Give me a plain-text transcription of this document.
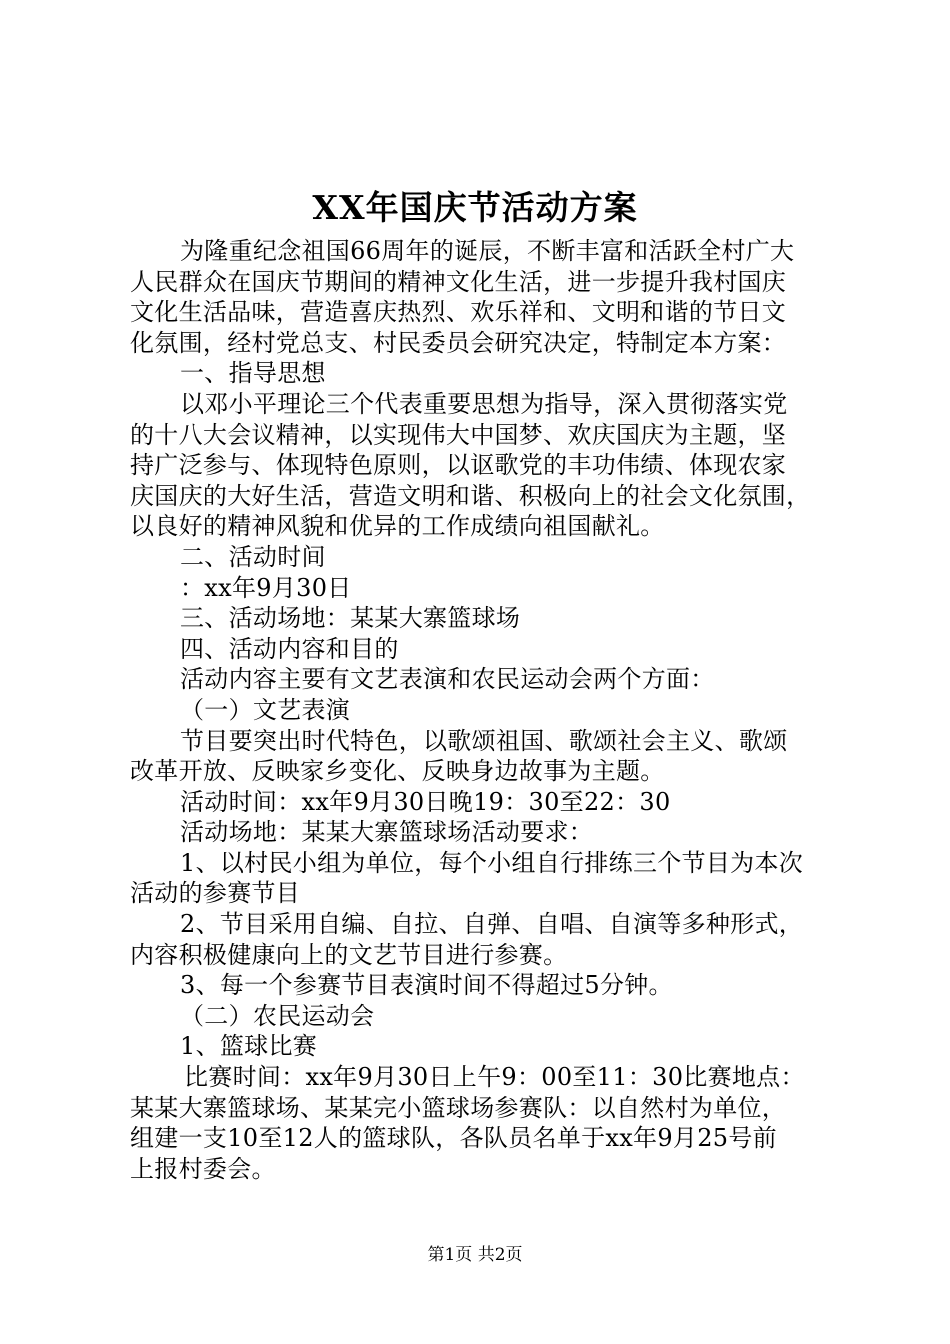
XX年国庆节活动方案
为隆重纪念祖国66周年的诞辰，不断丰富和活跃全村广大
人民群众在国庆节期间的精神文化生活，进一步提升我村国庆
文化生活品味，营造喜庆热烈、欢乐祥和、文明和谐的节日文
化氛围，经村党总支、村民委员会研究决定，特制定本方案：
一、指导思想
以邓小平理论三个代表重要思想为指导，深入贯彻落实党
的十八大会议精神，以实现伟大中国梦、欢庆国庆为主题，坚
持广泛参与、体现特色原则，以讴歌党的丰功伟绩、体现农家
庆国庆的大好生活，营造文明和谐、积极向上的社会文化氛围，
以良好的精神风貌和优异的工作成绩向祖国献礼。
二、活动时间
：xx年9月30日
三、活动场地：某某大寨篮球场
四、活动内容和目的
活动内容主要有文艺表演和农民运动会两个方面：
（一）文艺表演
节目要突出时代特色，以歌颂祖国、歌颂社会主义、歌颂
改革开放、反映家乡变化、反映身边故事为主题。
活动时间：xx年9月30日晚19：30至22：30
活动场地：某某大寨篮球场活动要求：
1、以村民小组为单位，每个小组自行排练三个节目为本次
活动的参赛节目
2、节目采用自编、自拉、自弹、自唱、自演等多种形式，
内容积极健康向上的文艺节目进行参赛。
3、每一个参赛节目表演时间不得超过5分钟。
（二）农民运动会
1、篮球比赛
比赛时间：xx年9月30日上午9：00至11：30比赛地点：
某某大寨篮球场、某某完小篮球场参赛队：以自然村为单位，
组建一支10至12人的篮球队，各队员名单于xx年9月25号前
上报村委会。
第1页 共2页
